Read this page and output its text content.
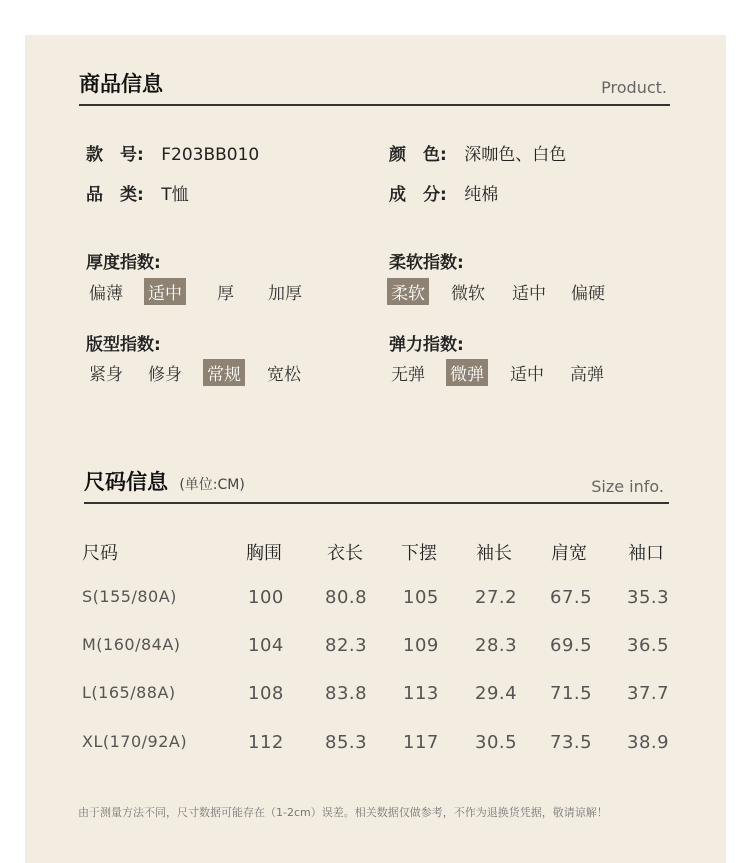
商品信息	Product.
款　号: F203BB010	颜　色: 深咖色、白色
品　类: T恤	成　分: 纯棉
厚度指数:
偏薄 适中 厚 加厚
柔软指数:
柔软 微软 适中 偏硬
版型指数:
紧身 修身 常规 宽松
弹力指数:
无弹 微弹 适中 高弹
尺码信息 (单位:CM)	Size info.
尺码	胸围	衣长 下摆 袖长 肩宽 袖口
S(155/80A)	100 80.8 105 27.2 67.5 35.3
M(160/84A)	104 82.3 109 28.3 69.5 36.5
L(165/88A)	108 83.8 113 29.4 71.5 37.7
XL(170/92A)	112 85.3 117 30.5 73.5 38.9
由于测量方法不同，尺寸数据可能存在（1-2cm）误差。相关数据仅做参考，不作为退换货凭据，敬请谅解！
